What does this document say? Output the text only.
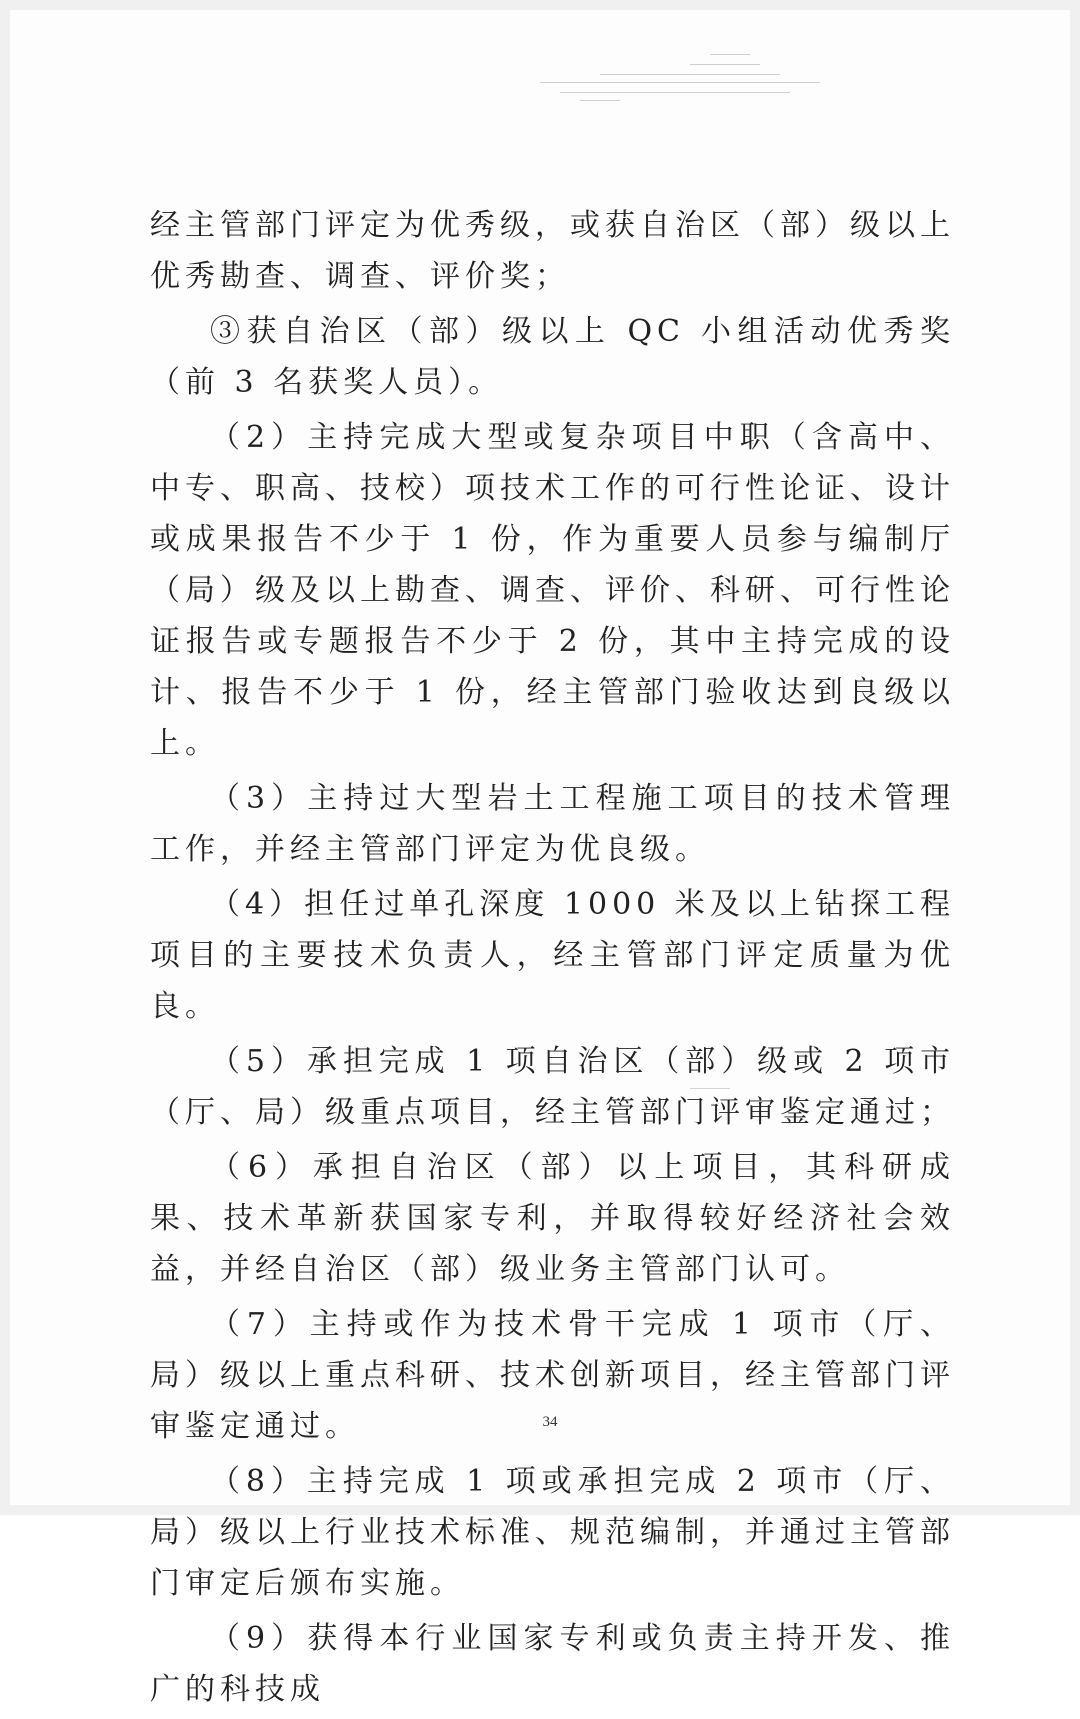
经主管部门评定为优秀级，或获自治区（部）级以上优秀勘查、调查、评价奖；

③获自治区（部）级以上 QC 小组活动优秀奖（前 3 名获奖人员）。

（2）主持完成大型或复杂项目中职（含高中、中专、职高、技校）项技术工作的可行性论证、设计或成果报告不少于 1 份，作为重要人员参与编制厅（局）级及以上勘查、调查、评价、科研、可行性论证报告或专题报告不少于 2 份，其中主持完成的设计、报告不少于 1 份，经主管部门验收达到良级以上。

（3）主持过大型岩土工程施工项目的技术管理工作，并经主管部门评定为优良级。

（4）担任过单孔深度 1000 米及以上钻探工程项目的主要技术负责人，经主管部门评定质量为优良。

（5）承担完成 1 项自治区（部）级或 2 项市（厅、局）级重点项目，经主管部门评审鉴定通过；

（6）承担自治区（部）以上项目，其科研成果、技术革新获国家专利，并取得较好经济社会效益，并经自治区（部）级业务主管部门认可。

（7）主持或作为技术骨干完成 1 项市（厅、局）级以上重点科研、技术创新项目，经主管部门评审鉴定通过。

（8）主持完成 1 项或承担完成 2 项市（厅、局）级以上行业技术标准、规范编制，并通过主管部门审定后颁布实施。

（9）获得本行业国家专利或负责主持开发、推广的科技成

34
